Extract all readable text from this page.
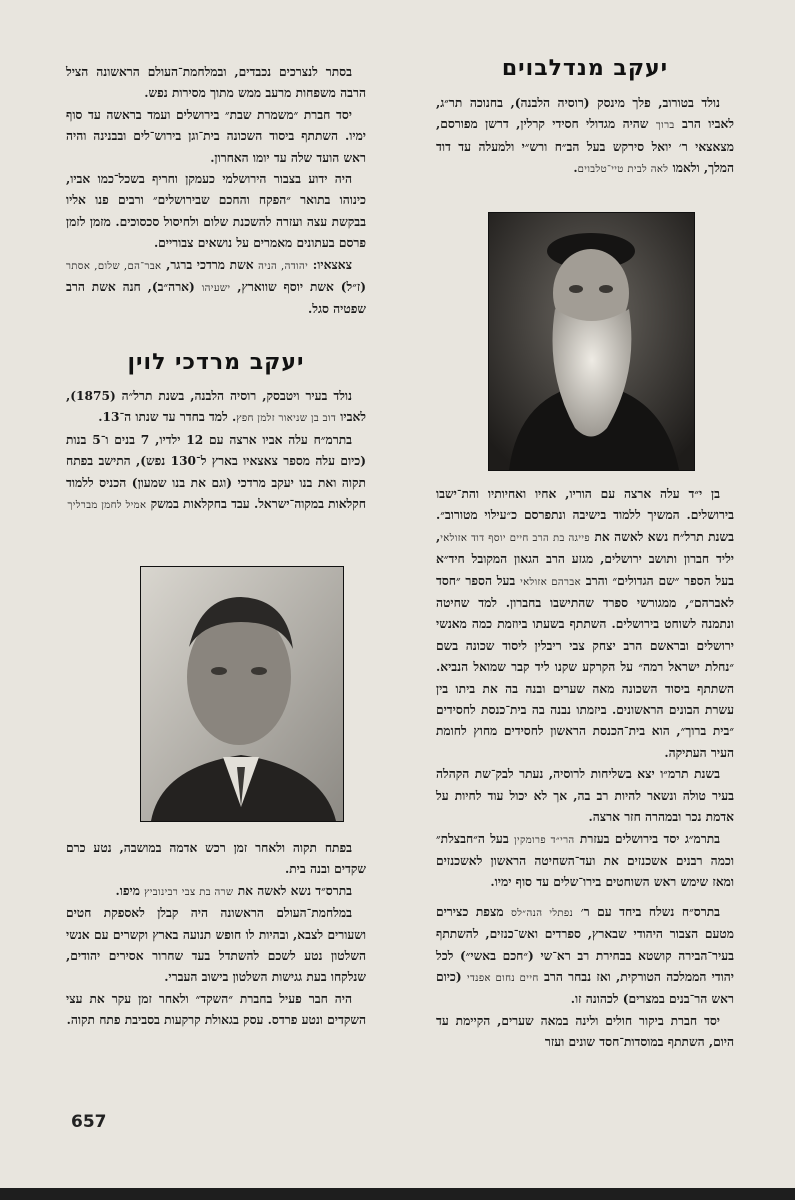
יעקב מנדלבוים

נולד בטורוב, פלך מינסק (רוסיה הלבנה), בחנוכה תר״ג, לאביו הרב ברוך שהיה מגדולי חסידי קרלין, דרשן מפורסם, מצאצאי ר׳ יואל סירקש בעל הב״ח ורש״י ולמעלה עד דוד המלך, ולאמו לאה לבית טיי־טלבוים.

בן י״ד עלה ארצה עם הוריו, אחיו ואחיותיו והת־ישבו בירושלים. המשיך ללמוד בישיבה ונתפרסם כ״עילוי מטורוב״. בשנת תרל״ח נשא לאשה את פייגה בת הרב חיים יוסף דוד אזולאי, יליד חברון ותושב ירושלים, מגזע הרב הגאון המקובל חיד״א בעל הספר ״שם הגדולים״ והרב אברהם אזולאי בעל הספר ״חסד לאברהם״, ממגורשי ספרד שהתישבו בחברון. למד שחיטה ונתמנה לשוחט בירושלים. השתתף בשעתו ביוזמת כמה מאנשי ירושלים ובראשם הרב יצחק צבי ריבלין ליסוד שכונה בשם ״נחלת ישראל רמה״ על הקרקע שקנו ליד קבר שמואל הנביא. השתתף ביסוד השכונה מאה שערים ובנה בה את ביתו בין עשרת הבונים הראשונים. ביזמתו נבנה בה בית־כנסת לחסידים ״בית ברוך״, הוא בית־הכנסת הראשון לחסידים מחוץ לחומת העיר העתיקה.

בשנת תרמ״ו יצא בשליחות לרוסיה, נעתר לבק־שת הקהלה בעיר טולה ונשאר להיות רב בה, אך לא יכול עוד לחיות על אדמת נכר ובמהרה חזר ארצה.

בתרמ״ג יסד בירושלים בעזרת הרי״ד פרומקין בעל ה״חבצלת״ וכמה רבנים אשכנזים את ועד־השחיטה הראשון לאשכנזים ומאז שימש ראש השוחטים בירו־שלים עד סוף ימיו.

בתרס״ח נשלח ביחד עם ר׳ נפתלי הנה״לס מצפת כצירים מטעם הצבור היהודי שבארץ, ספרדים ואש־כנזים, להשתתף בעיר־הבירה קושטא בבחירת רב רא־שי (״חכם באשי״) לכל יהודי הממלכה הטורקית, ואז נבחר הרב חיים נחום אפנדי (כיום ראש הר־בנים במצרים) לכהונה זו.

יסד חברת ביקור חולים ולינה במאה שערים, הקיימת עד היום, השתתף במוסדות־חסד שונים ועזר

בסתר לנצרכים נכבדים, ובמלחמת־העולם הראשונה הציל הרבה משפחות מרעב ממש מתוך מסירות נפש.

יסד חברת ״משמרת שבת״ בירושלים ועמד בראשה עד סוף ימיו. השתתף ביסוד השכונה בית־וגן בירוש־לים ובבנינה והיה ראש הועד שלה עד יומו האחרון.

היה ידוע בצבור הירושלמי כעמקן וחריף בשכל־כמו אביו, כינוהו בתואר ״הפקח והחכם שבירושלים״ ורבים פנו אליו בבקשת עצה ועזרה להשכנת שלום ולחיסול סכסוכים. מזמן לזמן פרסם בעתונים מאמרים על נושאים צבוריים.

צאצאיו: יהודה, הניה אשת מרדכי ברגר, אבר־הם, שלום, אסתר (ז״ל) אשת יוסף שווארץ, ישעיהו (ארה״ב), חנה אשת הרב שפטיה סגל.

יעקב מרדכי לוין

נולד בעיר ויטבסק, רוסיה הלבנה, בשנת תרל״ה (1875), לאביו דוב בן שניאור זלמן חפץ. למד בחדר עד שנתו ה־13.

בתרמ״ח עלה אביו ארצה עם 12 ילדיו, 7 בנים ו־5 בנות (כיום עלה מספר צאצאיו בארץ ל־130 נפש), התישב בפתח תקוה ואת בנו יעקב מרדכי (וגם את בנו שמעון) הכניס ללמוד חקלאות במקוה־ישראל. עבד בחקלאות במשק אמיל לחמן מברליך

בפתח תקוה ולאחר זמן רכש אדמה במושבה, נטע כרם שקדים ובנה בית.

בתרס״ד נשא לאשה את שרה בת צבי רבינוביץ מיפו.

במלחמת־העולם הראשונה היה קבלן לאספקת חטים ושעורים לצבא, ובהיות לו חופש תנועה בארץ וקשרים עם אנשי השלטון נטע לשכם להשתדל בעד שחרור אסירים יהודים, שנלקחו בעת גגישות השלטון בישוב העברי.

היה חבר פעיל בחברת ״השקד״ ולאחר זמן עקר את עצי השקדים ונטע פרדס. עסק בגאולת קרקעות בסביבת פתח תקוה.

657
